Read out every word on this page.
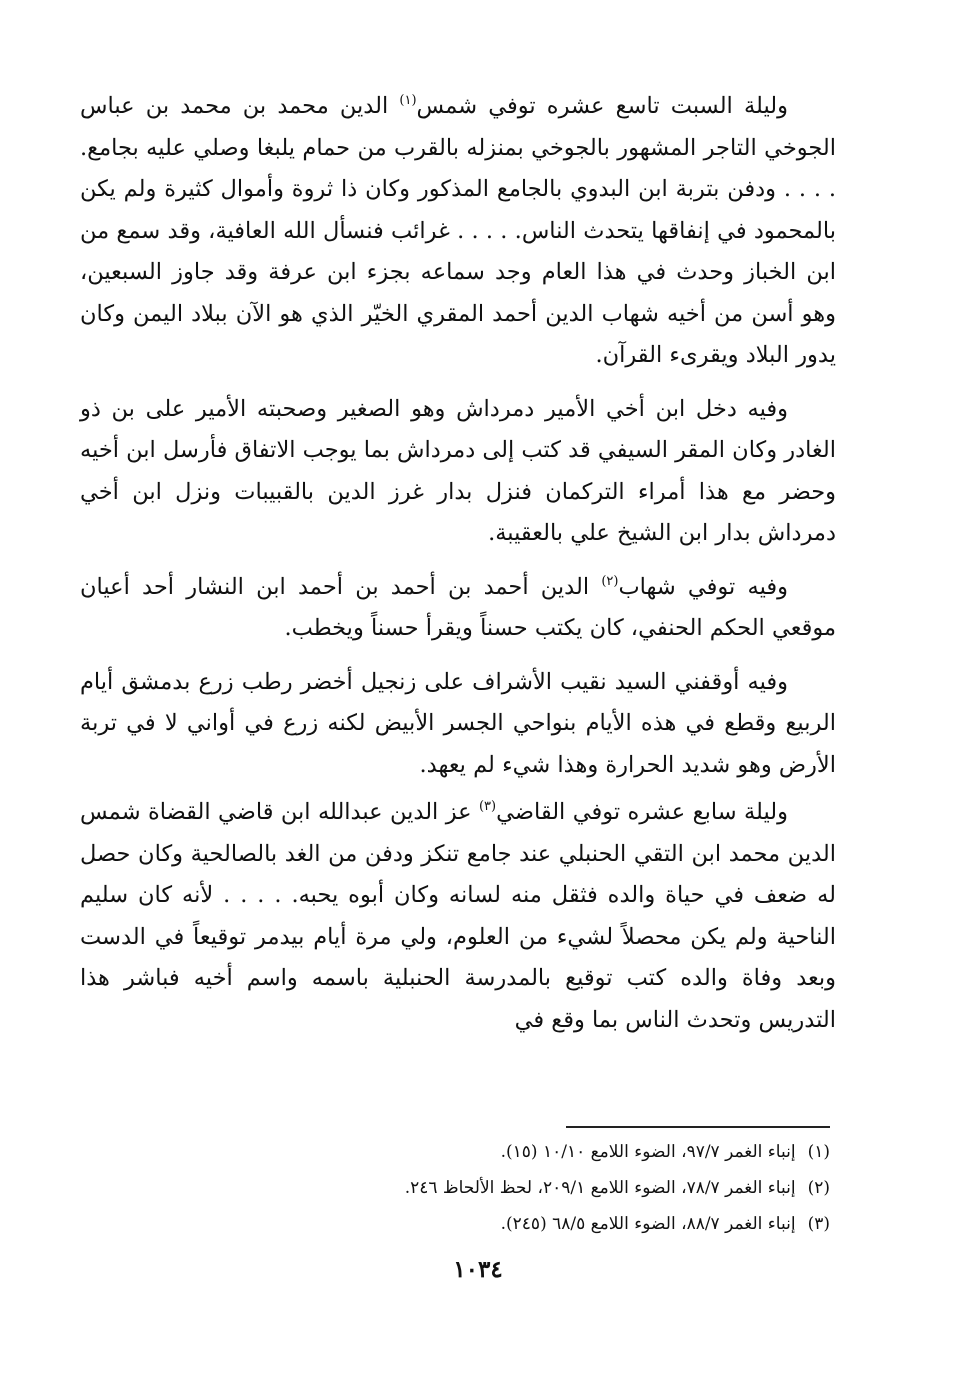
وليلة السبت تاسع عشره توفي شمس$^{(١)}$ الدين محمد بن محمد بن عباس الجوخي التاجر المشهور بالجوخي بمنزله بالقرب من حمام يلبغا وصلي عليه بجامع. . . . . ودفن بتربة ابن البدوي بالجامع المذكور وكان ذا ثروة وأموال كثيرة ولم يكن بالمحمود في إنفاقها يتحدث الناس. . . . . غرائب فنسأل الله العافية، وقد سمع من ابن الخباز وحدث في هذا العام وجد سماعه بجزء ابن عرفة وقد جاوز السبعين، وهو أسن من أخيه شهاب الدين أحمد المقري الخيّر الذي هو الآن ببلاد اليمن وكان يدور البلاد ويقرىء القرآن.

وفيه دخل ابن أخي الأمير دمرداش وهو الصغير وصحبته الأمير على بن ذو الغادر وكان المقر السيفي قد كتب إلى دمرداش بما يوجب الاتفاق فأرسل ابن أخيه وحضر مع هذا أمراء التركمان فنزل بدار غرز الدين بالقبيبات ونزل ابن أخي دمرداش بدار ابن الشيخ علي بالعقيبة.

وفيه توفي شهاب$^{(٢)}$ الدين أحمد بن أحمد بن أحمد ابن النشار أحد أعيان موقعي الحكم الحنفي، كان يكتب حسناً ويقرأ حسناً ويخطب.

وفيه أوقفني السيد نقيب الأشراف على زنجيل أخضر رطب زرع بدمشق أيام الربيع وقطع في هذه الأيام بنواحي الجسر الأبيض لكنه زرع في أواني لا في تربة الأرض وهو شديد الحرارة وهذا شيء لم يعهد.

وليلة سابع عشره توفي القاضي$^{(٣)}$ عز الدين عبدالله ابن قاضي القضاة شمس الدين محمد ابن التقي الحنبلي عند جامع تنكز ودفن من الغد بالصالحية وكان حصل له ضعف في حياة والده فثقل منه لسانه وكان أبوه يحبه. . . . . لأنه كان سليم الناحية ولم يكن محصلاً لشيء من العلوم، ولي مرة أيام بيدمر توقيعاً في الدست وبعد وفاة والده كتب توقيع بالمدرسة الحنبلية باسمه واسم أخيه فباشر هذا التدريس وتحدث الناس بما وقع في

(١)إنباء الغمر ٩٧/٧، الضوء اللامع ١٠/١٠ (١٥).

(٢)إنباء الغمر ٧٨/٧، الضوء اللامع ٢٠٩/١، لحظ الألحاظ ٢٤٦.

(٣)إنباء الغمر ٨٨/٧، الضوء اللامع ٦٨/٥ (٢٤٥).

١٠٣٤
